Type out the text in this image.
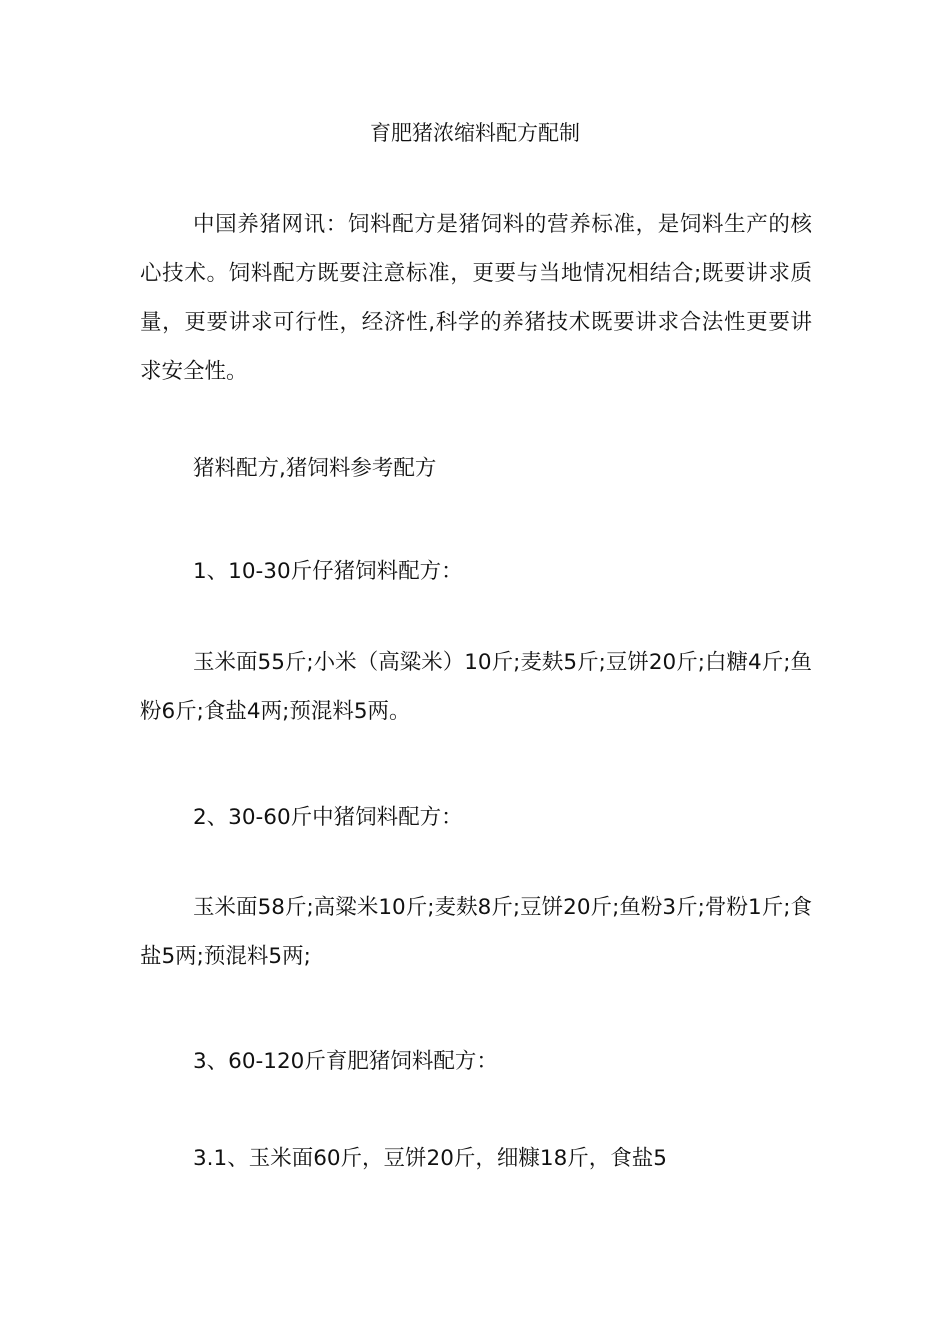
育肥猪浓缩料配方配制
中国养猪网讯：饲料配方是猪饲料的营养标准，是饲料生产的核心技术。饲料配方既要注意标准，更要与当地情况相结合;既要讲求质量，更要讲求可行性，经济性,科学的养猪技术既要讲求合法性更要讲求安全性。
猪料配方,猪饲料参考配方
1、10-30斤仔猪饲料配方：
玉米面55斤;小米（高粱米）10斤;麦麸5斤;豆饼20斤;白糖4斤;鱼粉6斤;食盐4两;预混料5两。
2、30-60斤中猪饲料配方：
玉米面58斤;高粱米10斤;麦麸8斤;豆饼20斤;鱼粉3斤;骨粉1斤;食盐5两;预混料5两;
3、60-120斤育肥猪饲料配方：
3.1、玉米面60斤，豆饼20斤，细糠18斤，食盐5
